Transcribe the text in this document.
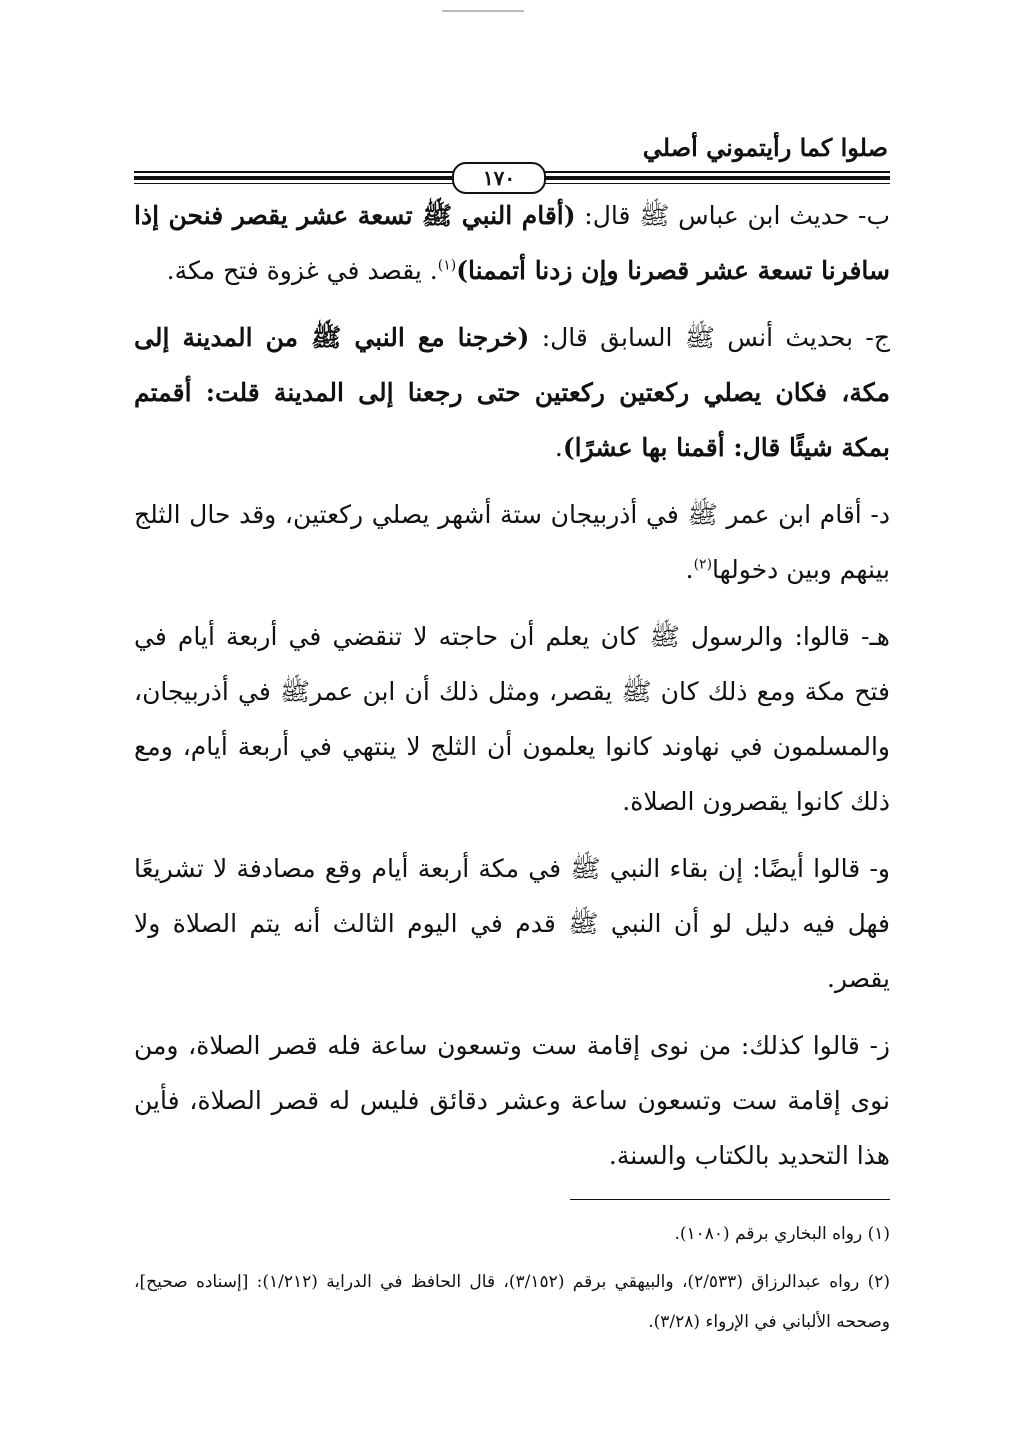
صلوا كما رأيتموني أصلي
١٧٠

ب- حديث ابن عباس ﷺ قال: (أقام النبي ﷺ تسعة عشر يقصر فنحن إذا سافرنا تسعة عشر قصرنا وإن زدنا أتممنا)$^{(١)}$. يقصد في غزوة فتح مكة.

ج- بحديث أنس ﷺ السابق قال: (خرجنا مع النبي ﷺ من المدينة إلى مكة، فكان يصلي ركعتين ركعتين حتى رجعنا إلى المدينة قلت: أقمتم بمكة شيئًا قال: أقمنا بها عشرًا).

د- أقام ابن عمر ﷺ في أذربيجان ستة أشهر يصلي ركعتين، وقد حال الثلج بينهم وبين دخولها$^{(٢)}$.

هـ- قالوا: والرسول ﷺ كان يعلم أن حاجته لا تنقضي في أربعة أيام في فتح مكة ومع ذلك كان ﷺ يقصر، ومثل ذلك أن ابن عمرﷺ في أذربيجان، والمسلمون في نهاوند كانوا يعلمون أن الثلج لا ينتهي في أربعة أيام، ومع ذلك كانوا يقصرون الصلاة.

و- قالوا أيضًا: إن بقاء النبي ﷺ في مكة أربعة أيام وقع مصادفة لا تشريعًا فهل فيه دليل لو أن النبي ﷺ قدم في اليوم الثالث أنه يتم الصلاة ولا يقصر.

ز- قالوا كذلك: من نوى إقامة ست وتسعون ساعة فله قصر الصلاة، ومن نوى إقامة ست وتسعون ساعة وعشر دقائق فليس له قصر الصلاة، فأين هذا التحديد بالكتاب والسنة.

(١) رواه البخاري برقم (١٠٨٠).

(٢) رواه عبدالرزاق (٢/٥٣٣)، والبيهقي برقم (٣/١٥٢)، قال الحافظ في الدراية (١/٢١٢): [إسناده صحيح]، وصححه الألباني في الإرواء (٣/٢٨).
